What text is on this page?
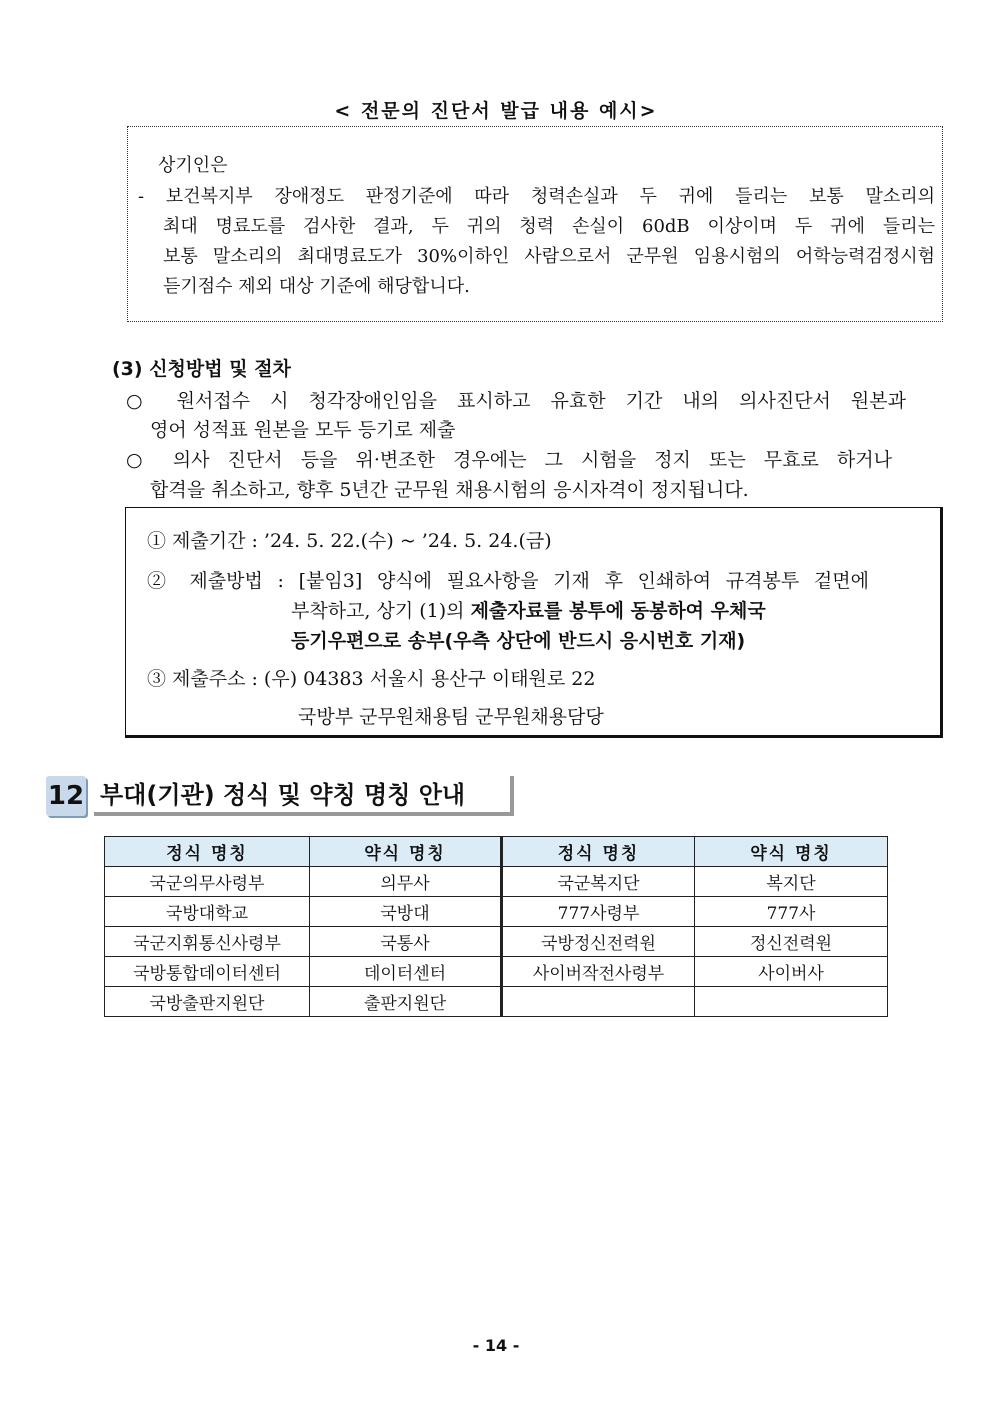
< 전문의 진단서 발급 내용 예시>
상기인은
- 보건복지부 장애정도 판정기준에 따라 청력손실과 두 귀에 들리는 보통 말소리의
최대 명료도를 검사한 결과, 두 귀의 청력 손실이 60dB 이상이며 두 귀에 들리는
보통 말소리의 최대명료도가 30%이하인 사람으로서 군무원 임용시험의 어학능력검정시험
듣기점수 제외 대상 기준에 해당합니다.
(3) 신청방법 및 절차
○ 원서접수 시 청각장애인임을 표시하고 유효한 기간 내의 의사진단서 원본과
영어 성적표 원본을 모두 등기로 제출
○ 의사 진단서 등을 위·변조한 경우에는 그 시험을 정지 또는 무효로 하거나
합격을 취소하고, 향후 5년간 군무원 채용시험의 응시자격이 정지됩니다.
① 제출기간 : ’24. 5. 22.(수) ~ ’24. 5. 24.(금)
② 제출방법 : [붙임3] 양식에 필요사항을 기재 후 인쇄하여 규격봉투 겉면에
부착하고, 상기 (1)의 제출자료를 봉투에 동봉하여 우체국
등기우편으로 송부(우측 상단에 반드시 응시번호 기재)
③ 제출주소 : (우) 04383 서울시 용산구 이태원로 22
국방부 군무원채용팀 군무원채용담당
12 부대(기관) 정식 및 약칭 명칭 안내
정식 명칭	약식 명칭	정식 명칭	약식 명칭
국군의무사령부	의무사	국군복지단	복지단
국방대학교	국방대	777사령부	777사
국군지휘통신사령부	국통사	국방정신전력원	정신전력원
국방통합데이터센터	데이터센터	사이버작전사령부	사이버사
국방출판지원단	출판지원단		
- 14 -
